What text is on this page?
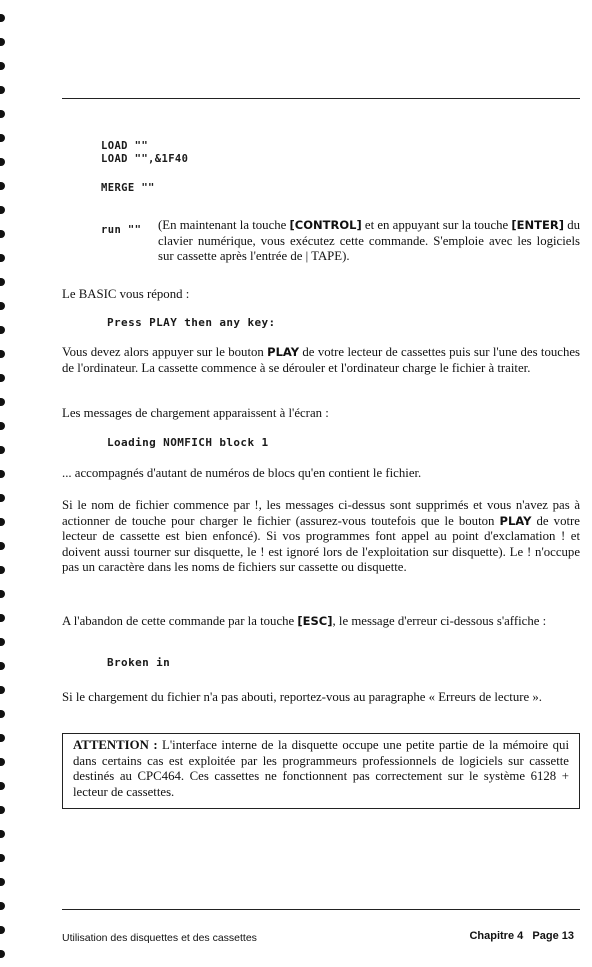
LOAD ""
LOAD "",&1F40
MERGE ""
run "" (En maintenant la touche [CONTROL] et en appuyant sur la touche [ENTER] du clavier numérique, vous exécutez cette commande. S'emploie avec les logiciels sur cassette après l'entrée de | TAPE).
Le BASIC vous répond :
Press PLAY then any key:
Vous devez alors appuyer sur le bouton PLAY de votre lecteur de cassettes puis sur l'une des touches de l'ordinateur. La cassette commence à se dérouler et l'ordinateur charge le fichier à traiter.
Les messages de chargement apparaissent à l'écran :
Loading NOMFICH block 1
... accompagnés d'autant de numéros de blocs qu'en contient le fichier.
Si le nom de fichier commence par !, les messages ci-dessus sont supprimés et vous n'avez pas à actionner de touche pour charger le fichier (assurez-vous toutefois que le bouton PLAY de votre lecteur de cassette est bien enfoncé). Si vos programmes font appel au point d'exclamation ! et doivent aussi tourner sur disquette, le ! est ignoré lors de l'exploitation sur disquette). Le ! n'occupe pas un caractère dans les noms de fichiers sur cassette ou disquette.
A l'abandon de cette commande par la touche [ESC], le message d'erreur ci-dessous s'affiche :
Broken in
Si le chargement du fichier n'a pas abouti, reportez-vous au paragraphe « Erreurs de lecture ».
ATTENTION : L'interface interne de la disquette occupe une petite partie de la mémoire qui dans certains cas est exploitée par les programmeurs professionnels de logiciels sur cassette destinés au CPC464. Ces cassettes ne fonctionnent pas correctement sur le système 6128 + lecteur de cassettes.
Utilisation des disquettes et des cassettes	Chapitre 4   Page 13
